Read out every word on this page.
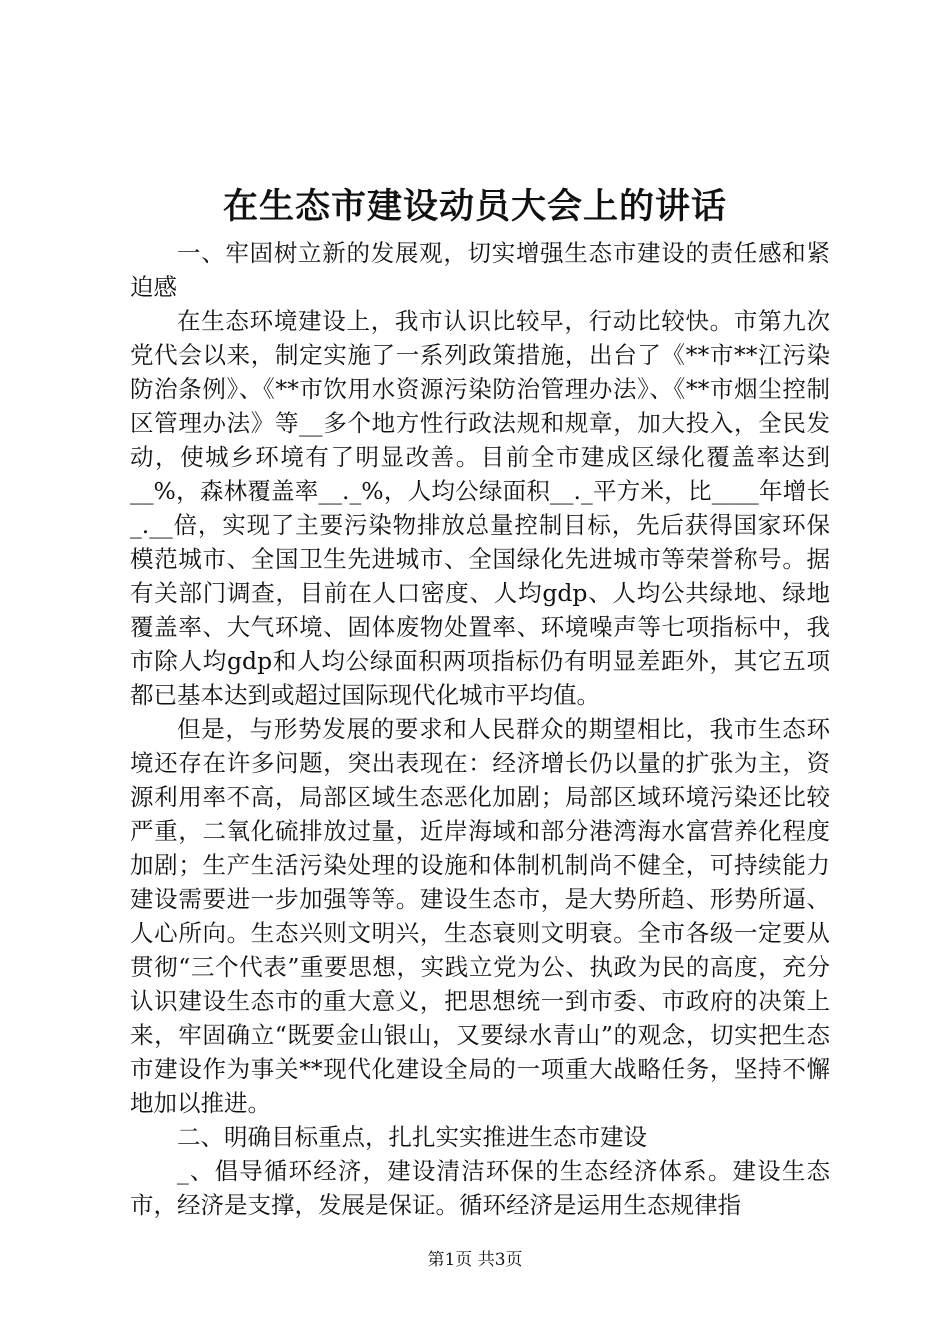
在生态市建设动员大会上的讲话

一、牢固树立新的发展观，切实增强生态市建设的责任感和紧迫感

在生态环境建设上，我市认识比较早，行动比较快。市第九次党代会以来，制定实施了一系列政策措施，出台了《**市**江污染防治条例》、《**市饮用水资源污染防治管理办法》、《**市烟尘控制区管理办法》等__多个地方性行政法规和规章，加大投入，全民发动，使城乡环境有了明显改善。目前全市建成区绿化覆盖率达到__%，森林覆盖率__._%，人均公绿面积__._平方米，比____年增长_.__倍，实现了主要污染物排放总量控制目标，先后获得国家环保模范城市、全国卫生先进城市、全国绿化先进城市等荣誉称号。据有关部门调查，目前在人口密度、人均gdp、人均公共绿地、绿地覆盖率、大气环境、固体废物处置率、环境噪声等七项指标中，我市除人均gdp和人均公绿面积两项指标仍有明显差距外，其它五项都已基本达到或超过国际现代化城市平均值。

但是，与形势发展的要求和人民群众的期望相比，我市生态环境还存在许多问题，突出表现在：经济增长仍以量的扩张为主，资源利用率不高，局部区域生态恶化加剧；局部区域环境污染还比较严重，二氧化硫排放过量，近岸海域和部分港湾海水富营养化程度加剧；生产生活污染处理的设施和体制机制尚不健全，可持续能力建设需要进一步加强等等。建设生态市，是大势所趋、形势所逼、人心所向。生态兴则文明兴，生态衰则文明衰。全市各级一定要从贯彻“三个代表”重要思想，实践立党为公、执政为民的高度，充分认识建设生态市的重大意义，把思想统一到市委、市政府的决策上来，牢固确立“既要金山银山，又要绿水青山”的观念，切实把生态市建设作为事关**现代化建设全局的一项重大战略任务，坚持不懈地加以推进。

二、明确目标重点，扎扎实实推进生态市建设

_、倡导循环经济，建设清洁环保的生态经济体系。建设生态市，经济是支撑，发展是保证。循环经济是运用生态规律指

第1页 共3页
